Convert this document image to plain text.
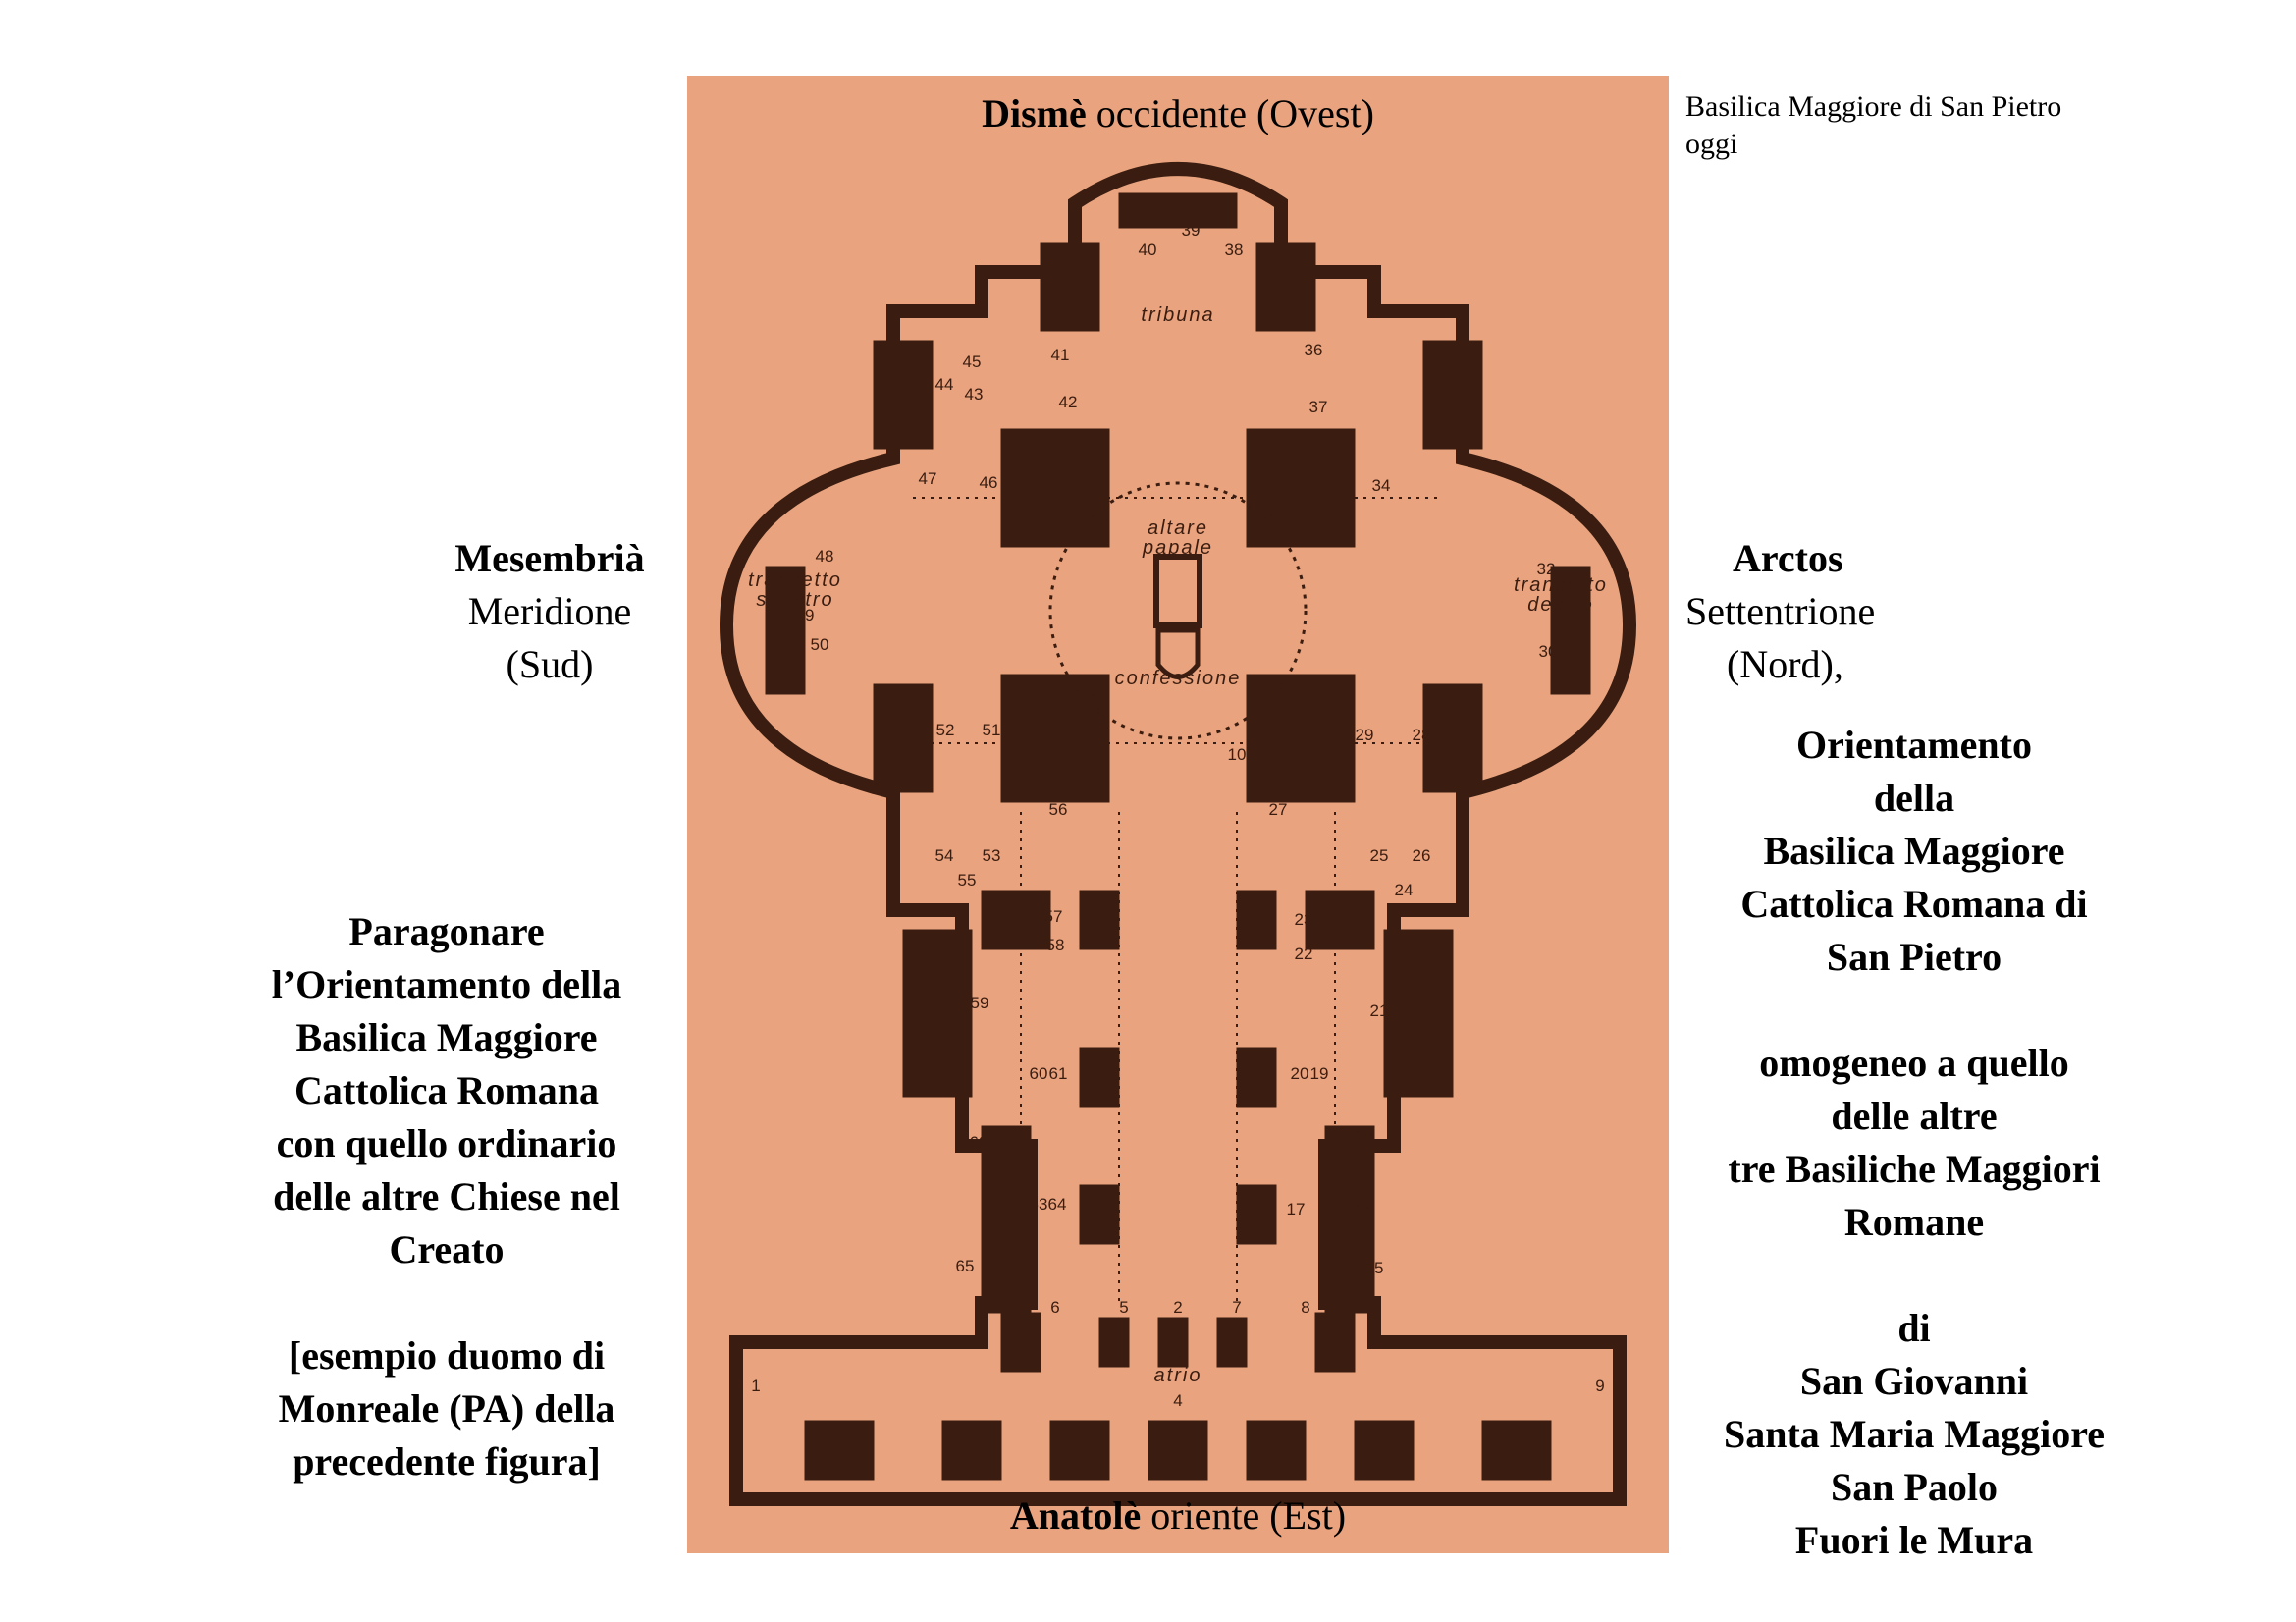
Basilica Maggiore di San Pietro
oggi
tribuna
altare
papale
confessione
transetto
sinistro
transetto
destro
atrio
1
2
3
4
5
6	7	8
9
10
11
12
13
14
15
16
17
18
19
20
21
22
23
24
25 26
27
28
29
30
31
32
33 34
35
36
37
38
39
40
41
42
43
44
45
46
47
48
49
50
51
52
53
54
55
56
57
58
59
60 61
62
63 64
65
Dismè occidente (Ovest)
Anatolè oriente (Est)
Mesembrià
Meridione
(Sud)
Arctos
Settentrione
(Nord),
Orientamento
della
Basilica Maggiore
Cattolica Romana di
San Pietro
omogeneo a quello
delle altre
tre Basiliche Maggiori
Romane
di
San Giovanni
Santa Maria Maggiore
San Paolo
Fuori le Mura
Paragonare
l’Orientamento della
Basilica Maggiore
Cattolica Romana
con quello ordinario
delle altre Chiese nel
Creato
[esempio duomo di
Monreale (PA) della
precedente figura]
